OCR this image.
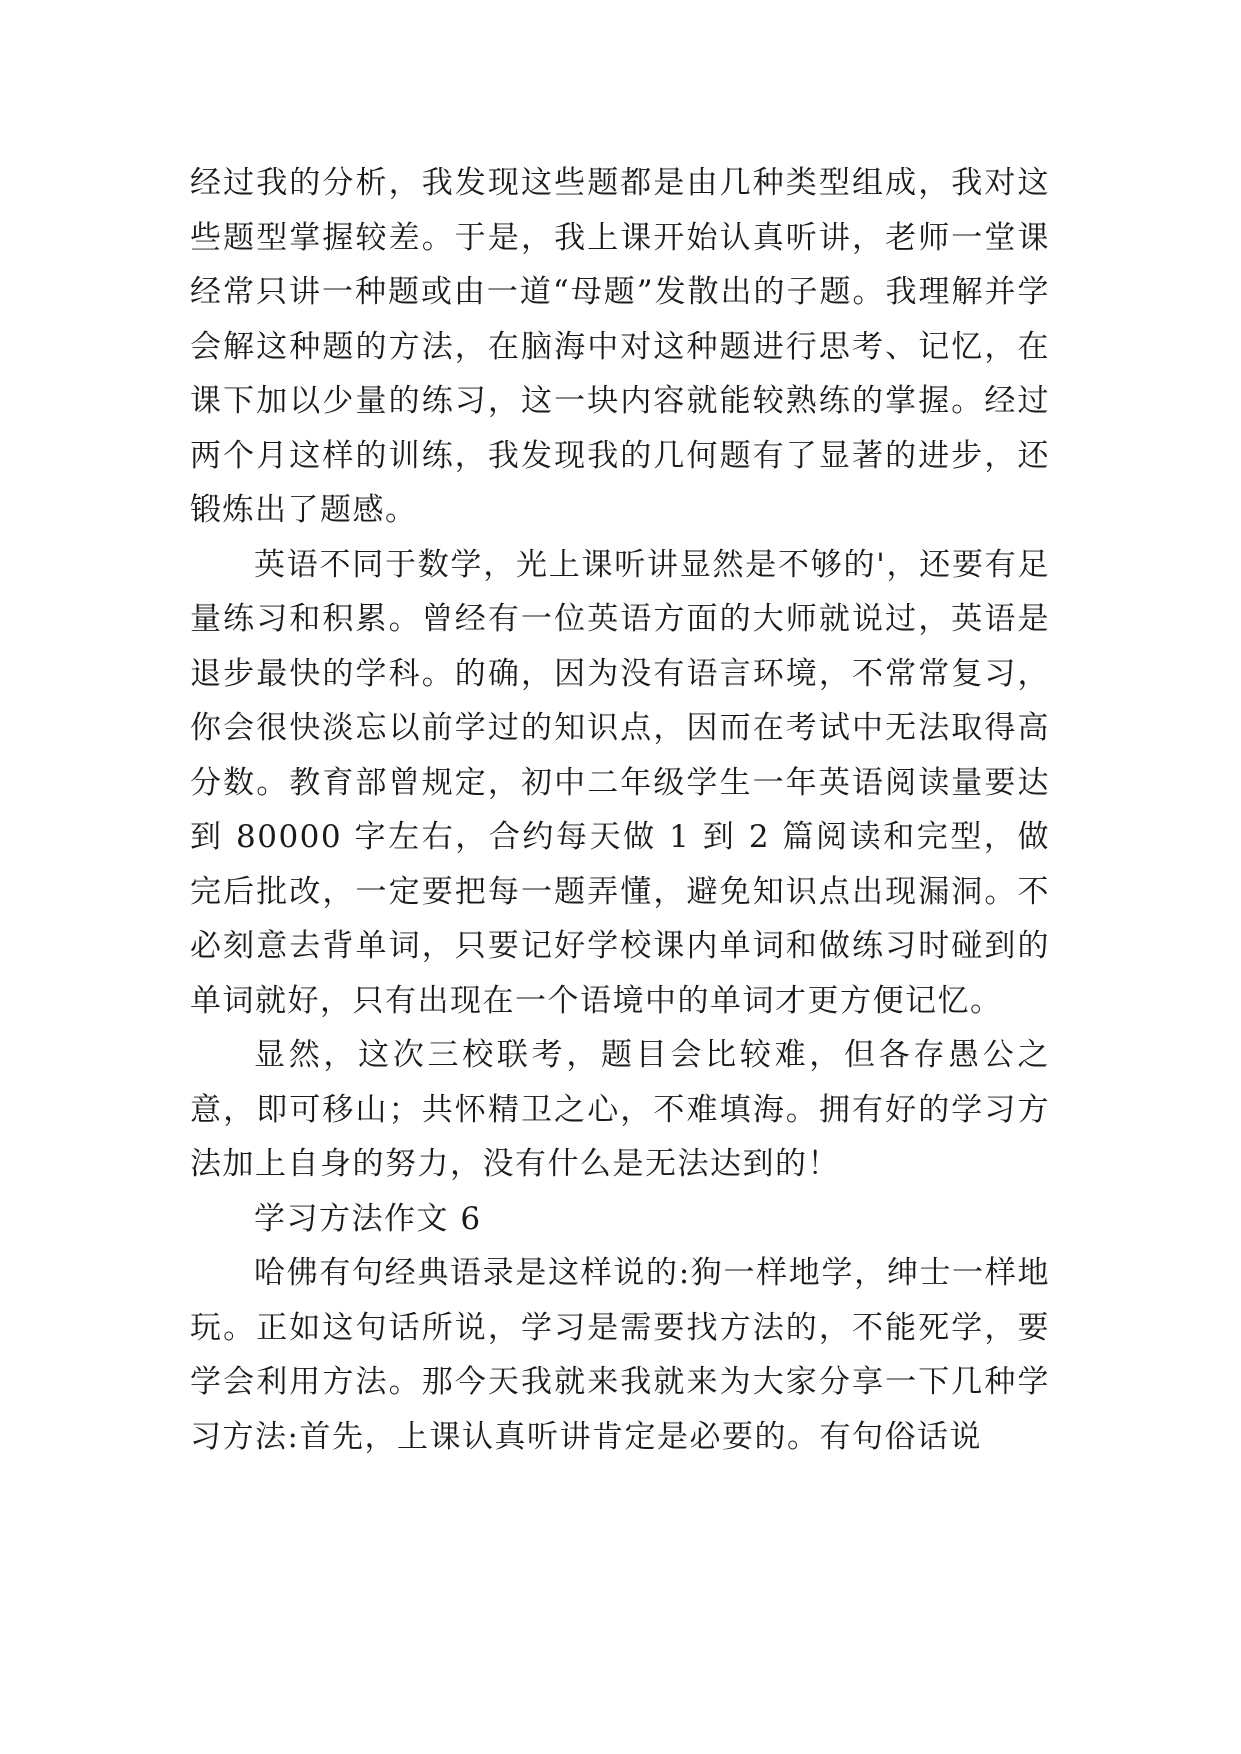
经过我的分析，我发现这些题都是由几种类型组成，我对这些题型掌握较差。于是，我上课开始认真听讲，老师一堂课经常只讲一种题或由一道“母题”发散出的子题。我理解并学会解这种题的方法，在脑海中对这种题进行思考、记忆，在课下加以少量的练习，这一块内容就能较熟练的掌握。经过两个月这样的训练，我发现我的几何题有了显著的进步，还锻炼出了题感。

英语不同于数学，光上课听讲显然是不够的'，还要有足量练习和积累。曾经有一位英语方面的大师就说过，英语是退步最快的学科。的确，因为没有语言环境，不常常复习，你会很快淡忘以前学过的知识点，因而在考试中无法取得高分数。教育部曾规定，初中二年级学生一年英语阅读量要达到 80000 字左右，合约每天做 1 到 2 篇阅读和完型，做完后批改，一定要把每一题弄懂，避免知识点出现漏洞。不必刻意去背单词，只要记好学校课内单词和做练习时碰到的单词就好，只有出现在一个语境中的单词才更方便记忆。

显然，这次三校联考，题目会比较难，但各存愚公之意，即可移山；共怀精卫之心，不难填海。拥有好的学习方法加上自身的努力，没有什么是无法达到的！

学习方法作文 6

哈佛有句经典语录是这样说的:狗一样地学，绅士一样地玩。正如这句话所说，学习是需要找方法的，不能死学，要学会利用方法。那今天我就来我就来为大家分享一下几种学习方法:首先，上课认真听讲肯定是必要的。有句俗话说
